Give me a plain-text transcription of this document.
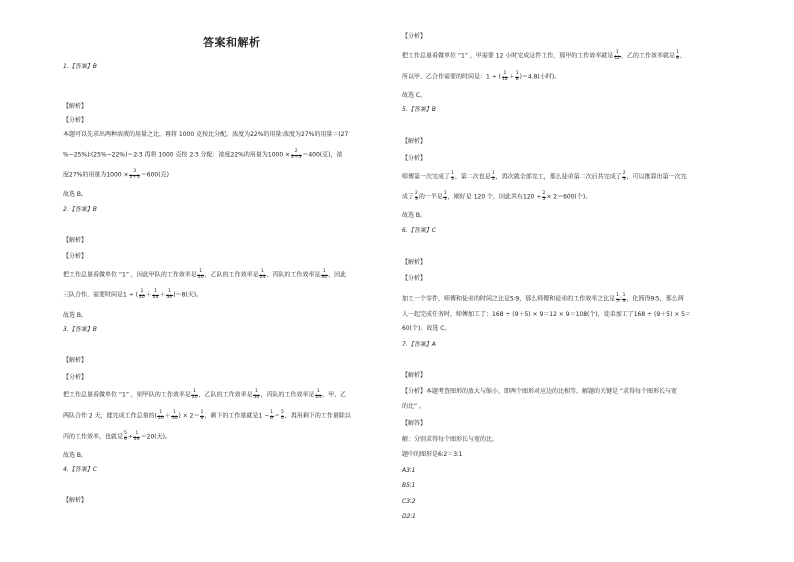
答案和解析
1.【答案】B
【解析】
【分析】
本题可以先求出两种溶液的用量之比，再将 1000 克按比分配。浓度为22%的用量∶浓度为27%的用量＝(27
%−25%)∶(25%−22%)＝2∶3 再将 1000 克按 2∶3 分配：浓度22%的用量为$1000 \times \frac{2}{2+3} =400$(克)，浓
度27%的用量为$1000 \times \frac{3}{2+3} =600$(克)
故选 B。
2.【答案】B
【解析】
【分析】
把工作总量看做单位 “1” ，因此甲队的工作效率是 $\frac{1}{20}$ ，乙队的工作效率是 $\frac{1}{24}$ ，丙队的工作效率是 $\frac{1}{30}$ ，因此
三队合作，需要时间是1 ÷ ( $\frac{1}{20} + \frac{1}{24} + \frac{1}{30} )=8$(天)。
故选 B。
3.【答案】B
【解析】
【分析】
把工作总量看做单位 “1” ，则甲队的工作效率是 $\frac{1}{20}$ ，乙队的工作效率是 $\frac{1}{30}$ ，丙队的工作效率是 $\frac{1}{24}$ ，甲、乙
两队合作 2 天，能完成工作总量的( $\frac{1}{20} + \frac{1}{30}$ ) × $2= \frac{1}{6}$ ，剩下的工作量就是$1 - \frac{1}{6} = \frac{5}{6}$ ，再用剩下的工作量除以
丙的工作效率，也就是 $\frac{5}{6} \div \frac{1}{24} =20$(天)。
故选 B。
4.【答案】C
【解析】
【分析】
把工作总量看做单位 “1” ，甲需要 12 小时完成这件工作，那甲的工作效率就是 $\frac{1}{12}$ ，乙的工作效率就是 $\frac{1}{8}$ ，
所以甲、乙合作需要的时间是：1 ÷ ( $\frac{1}{12} + \frac{1}{8} )=4.8$(小时)。
故选 C。
5.【答案】B
【解析】
【分析】
师傅第一次完成了 $\frac{1}{3}$ ，第二次也是 $\frac{1}{3}$ ，再次就全部完工，那么徒弟第二次后共完成了 $\frac{2}{3}$ ，可以推算出第一次完
成了 $\frac{2}{3}$ 的一半是 $\frac{1}{3}$ ，刚好是 120 个，因此共有$120 \div \frac{2}{5} \times 2=600$(个)。
故选 B。
6.【答案】C
【解析】
【分析】
加工一个零件，师傅和徒弟的时间之比是5∶9，那么师傅和徒弟的工作效率之比是 $\frac{1}{5}$ ∶ $\frac{1}{9}$ ，化简得9∶5，那么两
人一起完成任务时，师傅加工了：168 ÷ (9＋5) × 9＝12 × 9＝108(个)，徒弟加工了168 ÷ (9＋5) × 5＝
60(个)。故选 C。
7.【答案】A
【解析】
【分析】本题考查图形的放大与缩小，即两个图形对应边的比相等，解题的关键是 “求得每个图形长与宽
的比” 。
【解答】
解：分别求得每个图形长与宽的比，
题中的图形是6∶2＝3∶1
A3∶1
B5∶1
C3∶2
D2∶1
